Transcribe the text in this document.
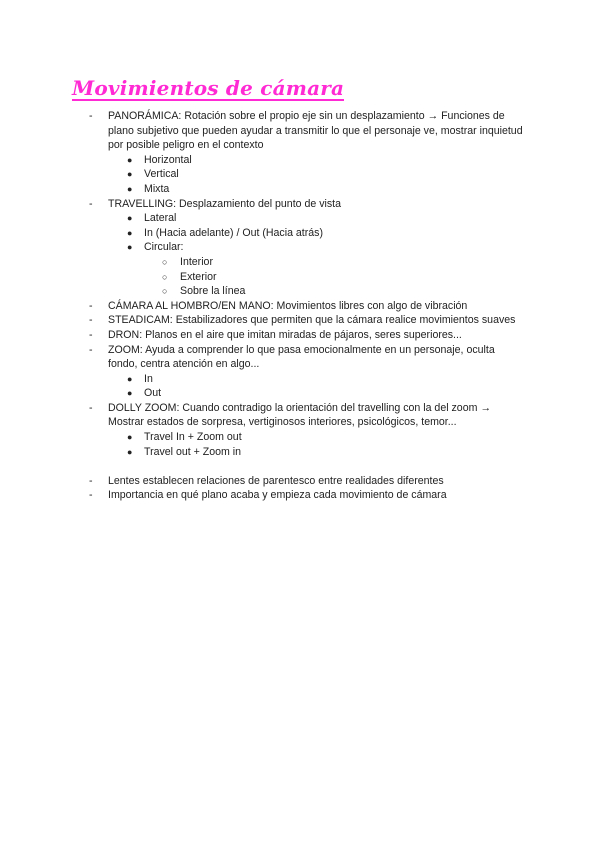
Movimientos de cámara
- PANORÁMICA: Rotación sobre el propio eje sin un desplazamiento → Funciones de plano subjetivo que pueden ayudar a transmitir lo que el personaje ve, mostrar inquietud por posible peligro en el contexto
● Horizontal
● Vertical
● Mixta
- TRAVELLING: Desplazamiento del punto de vista
● Lateral
● In (Hacia adelante) / Out (Hacia atrás)
● Circular:
○ Interior
○ Exterior
○ Sobre la línea
- CÁMARA AL HOMBRO/EN MANO: Movimientos libres con algo de vibración
- STEADICAM: Estabilizadores que permiten que la cámara realice movimientos suaves
- DRON: Planos en el aire que imitan miradas de pájaros, seres superiores...
- ZOOM: Ayuda a comprender lo que pasa emocionalmente en un personaje, oculta fondo, centra atención en algo...
● In
● Out
- DOLLY ZOOM: Cuando contradigo la orientación del travelling con la del zoom → Mostrar estados de sorpresa, vertiginosos interiores, psicológicos, temor...
● Travel In + Zoom out
● Travel out + Zoom in
- Lentes establecen relaciones de parentesco entre realidades diferentes
- Importancia en qué plano acaba y empieza cada movimiento de cámara
